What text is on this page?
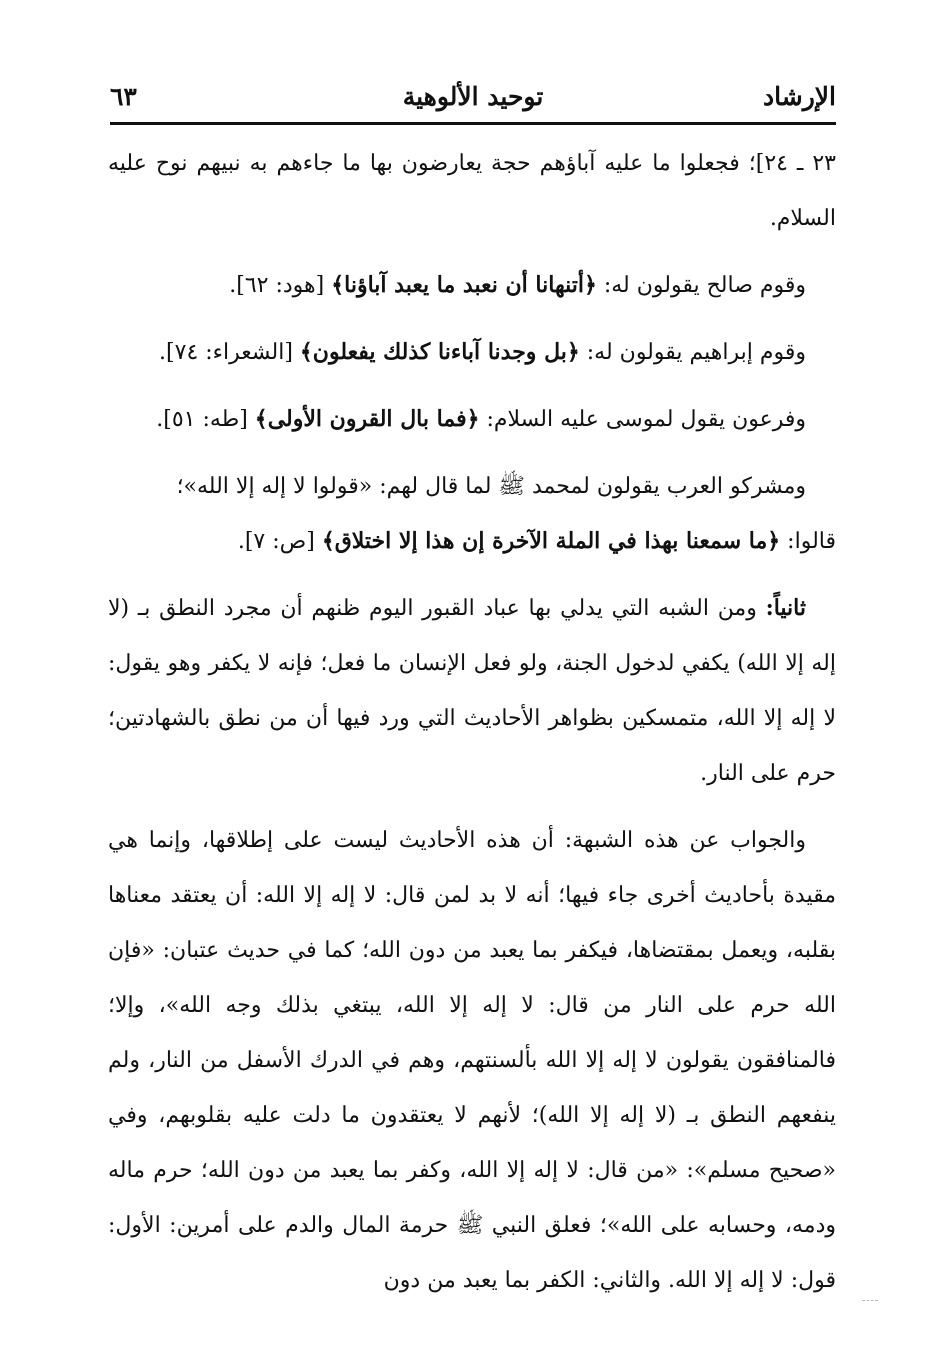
الإرشاد
توحيد الألوهية
٦٣

٢٣ ـ ٢٤]؛ فجعلوا ما عليه آباؤهم حجة يعارضون بها ما جاءهم به نبيهم نوح عليه السلام.

وقوم صالح يقولون له: ﴿أتنهانا أن نعبد ما يعبد آباؤنا﴾ [هود: ٦٢].

وقوم إبراهيم يقولون له: ﴿بل وجدنا آباءنا كذلك يفعلون﴾ [الشعراء: ٧٤].

وفرعون يقول لموسى عليه السلام: ﴿فما بال القرون الأولى﴾ [طه: ٥١].

ومشركو العرب يقولون لمحمد ﷺ لما قال لهم: «قولوا لا إله إلا الله»؛
قالوا: ﴿ما سمعنا بهذا في الملة الآخرة إن هذا إلا اختلاق﴾ [ص: ٧].

ثانياً: ومن الشبه التي يدلي بها عباد القبور اليوم ظنهم أن مجرد النطق بـ (لا إله إلا الله) يكفي لدخول الجنة، ولو فعل الإنسان ما فعل؛ فإنه لا يكفر وهو يقول: لا إله إلا الله، متمسكين بظواهر الأحاديث التي ورد فيها أن من نطق بالشهادتين؛ حرم على النار.

والجواب عن هذه الشبهة: أن هذه الأحاديث ليست على إطلاقها، وإنما هي مقيدة بأحاديث أخرى جاء فيها؛ أنه لا بد لمن قال: لا إله إلا الله: أن يعتقد معناها بقلبه، ويعمل بمقتضاها، فيكفر بما يعبد من دون الله؛ كما في حديث عتبان: «فإن الله حرم على النار من قال: لا إله إلا الله، يبتغي بذلك وجه الله»، وإلا؛ فالمنافقون يقولون لا إله إلا الله بألسنتهم، وهم في الدرك الأسفل من النار، ولم ينفعهم النطق بـ (لا إله إلا الله)؛ لأنهم لا يعتقدون ما دلت عليه بقلوبهم، وفي «صحيح مسلم»: «من قال: لا إله إلا الله، وكفر بما يعبد من دون الله؛ حرم ماله ودمه، وحسابه على الله»؛ فعلق النبي ﷺ حرمة المال والدم على أمرين: الأول: قول: لا إله إلا الله. والثاني: الكفر بما يعبد من دون
